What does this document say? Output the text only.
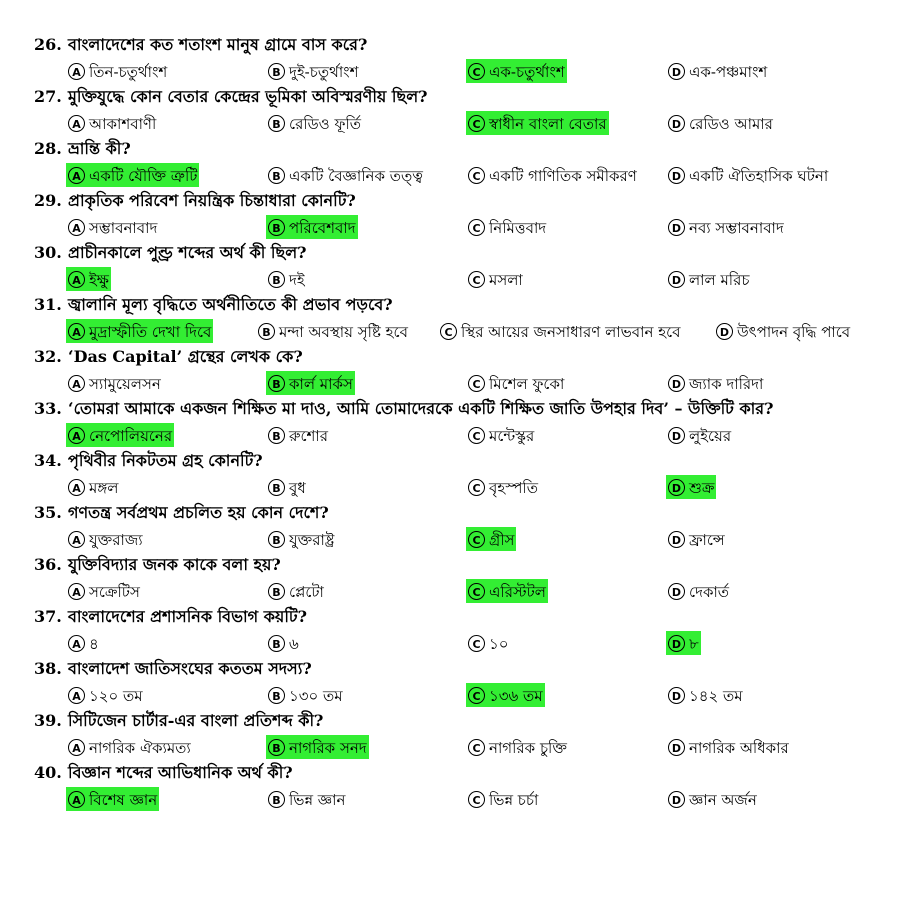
26. বাংলাদেশের কত শতাংশ মানুষ গ্রামে বাস করে?
A তিন-চতুর্থাংশ	B দুই-চতুর্থাংশ	C এক-চতুর্থাংশ	D এক-পঞ্চমাংশ
27. মুক্তিযুদ্ধে কোন বেতার কেন্দ্রের ভূমিকা অবিস্মরণীয় ছিল?
A আকাশবাণী	B রেডিও ফূর্তি	C স্বাধীন বাংলা বেতার	D রেডিও আমার
28. ভ্রান্তি কী?
A একটি যৌক্তি ত্রুটি	B একটি বৈজ্ঞানিক তত্ত্ব	C একটি গাণিতিক সমীকরণ	D একটি ঐতিহাসিক ঘটনা
29. প্রাকৃতিক পরিবেশ নিয়ন্ত্রিক চিন্তাধারা কোনটি?
A সম্ভাবনাবাদ	B পরিবেশবাদ	C নিমিত্তবাদ	D নব্য সম্ভাবনাবাদ
30. প্রাচীনকালে পুণ্ড্র শব্দের অর্থ কী ছিল?
A ইক্ষু	B দই	C মসলা	D লাল মরিচ
31. জ্বালানি মূল্য বৃদ্ধিতে অর্থনীতিতে কী প্রভাব পড়বে?
A মুদ্রাস্ফীতি দেখা দিবে	B মন্দা অবস্থায় সৃষ্টি হবে	C স্থির আয়ের জনসাধারণ লাভবান হবে	D উৎপাদন বৃদ্ধি পাবে
32. ‘Das Capital’ গ্রন্থের লেখক কে?
A স্যামুয়েলসন	B কার্ল মার্কস	C মিশেল ফুকো	D জ্যাক দারিদা
33. ‘তোমরা আমাকে একজন শিক্ষিত মা দাও, আমি তোমাদেরকে একটি শিক্ষিত জাতি উপহার দিব’ – উক্তিটি কার?
A নেপোলিয়নের	B রুশোর	C মন্টেস্কুর	D লুইয়ের
34. পৃথিবীর নিকটতম গ্রহ কোনটি?
A মঙ্গল	B বুধ	C বৃহস্পতি	D শুক্র
35. গণতন্ত্র সর্বপ্রথম প্রচলিত হয় কোন দেশে?
A যুক্তরাজ্য	B যুক্তরাষ্ট্র	C গ্রীস	D ফ্রান্সে
36. যুক্তিবিদ্যার জনক কাকে বলা হয়?
A সক্রেটিস	B প্লেটো	C এরিস্টটল	D দেকার্ত
37. বাংলাদেশের প্রশাসনিক বিভাগ কয়টি?
A ৪	B ৬	C ১০	D ৮
38. বাংলাদেশ জাতিসংঘের কততম সদস্য?
A ১২০ তম	B ১৩০ তম	C ১৩৬ তম	D ১৪২ তম
39. সিটিজেন চার্টার-এর বাংলা প্রতিশব্দ কী?
A নাগরিক ঐক্যমত্য	B নাগরিক সনদ	C নাগরিক চুক্তি	D নাগরিক অধিকার
40. বিজ্ঞান শব্দের আভিধানিক অর্থ কী?
A বিশেষ জ্ঞান	B ভিন্ন জ্ঞান	C ভিন্ন চর্চা	D জ্ঞান অর্জন
